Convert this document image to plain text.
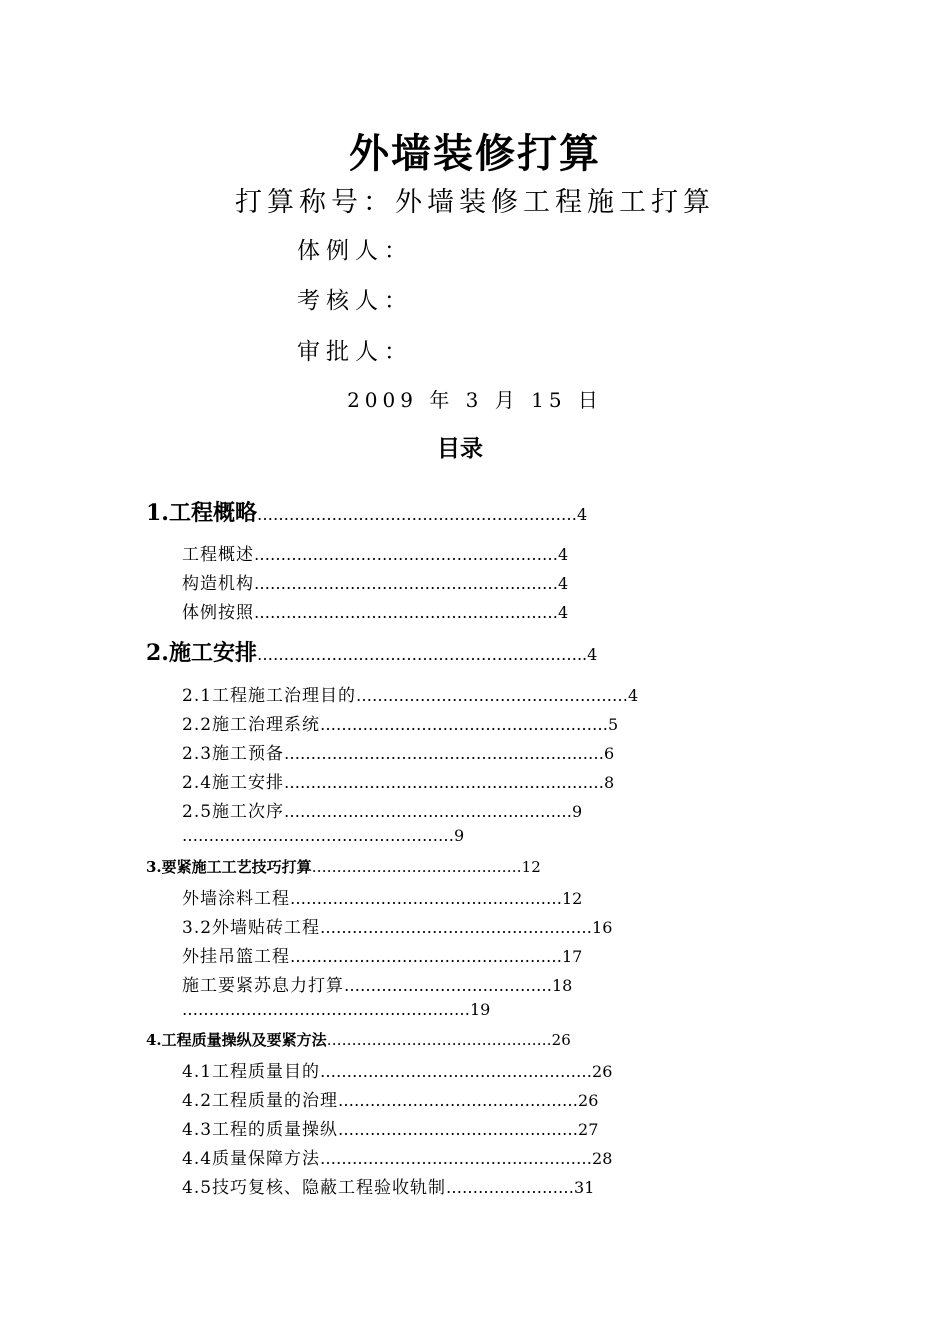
外墙装修打算
打算称号：外墙装修工程施工打算
体例人：
考核人：
审批人：
2009 年 3 月 15 日
目录
1.工程概略……………………………………………………4
工程概述…………………………………………………4
构造机构…………………………………………………4
体例按照…………………………………………………4
2.施工安排……………………………………………………..4
2.1工程施工治理目的……………………………………………4
2.2施工治理系统………………………………………………5
2.3施工预备……………………………………………………6
2.4施工安排……………………………………………………8
2.5施工次序………………………………………………9
……………………………………………9
3.要紧施工工艺技巧打算……………………………………12
外墙涂料工程……………………………………………12
3.2外墙贴砖工程……………………………………………16
外挂吊篮工程……………………………………………17
施工要紧苏息力打算…………………………………18
………………………………………………19
4.工程质量操纵及要紧方法………………………………………26
4.1工程质量目的……………………………………………26
4.2工程质量的治理………………………………………26
4.3工程的质量操纵………………………………………27
4.4质量保障方法……………………………………………28
4.5技巧复核、隐蔽工程验收轨制……………………31
